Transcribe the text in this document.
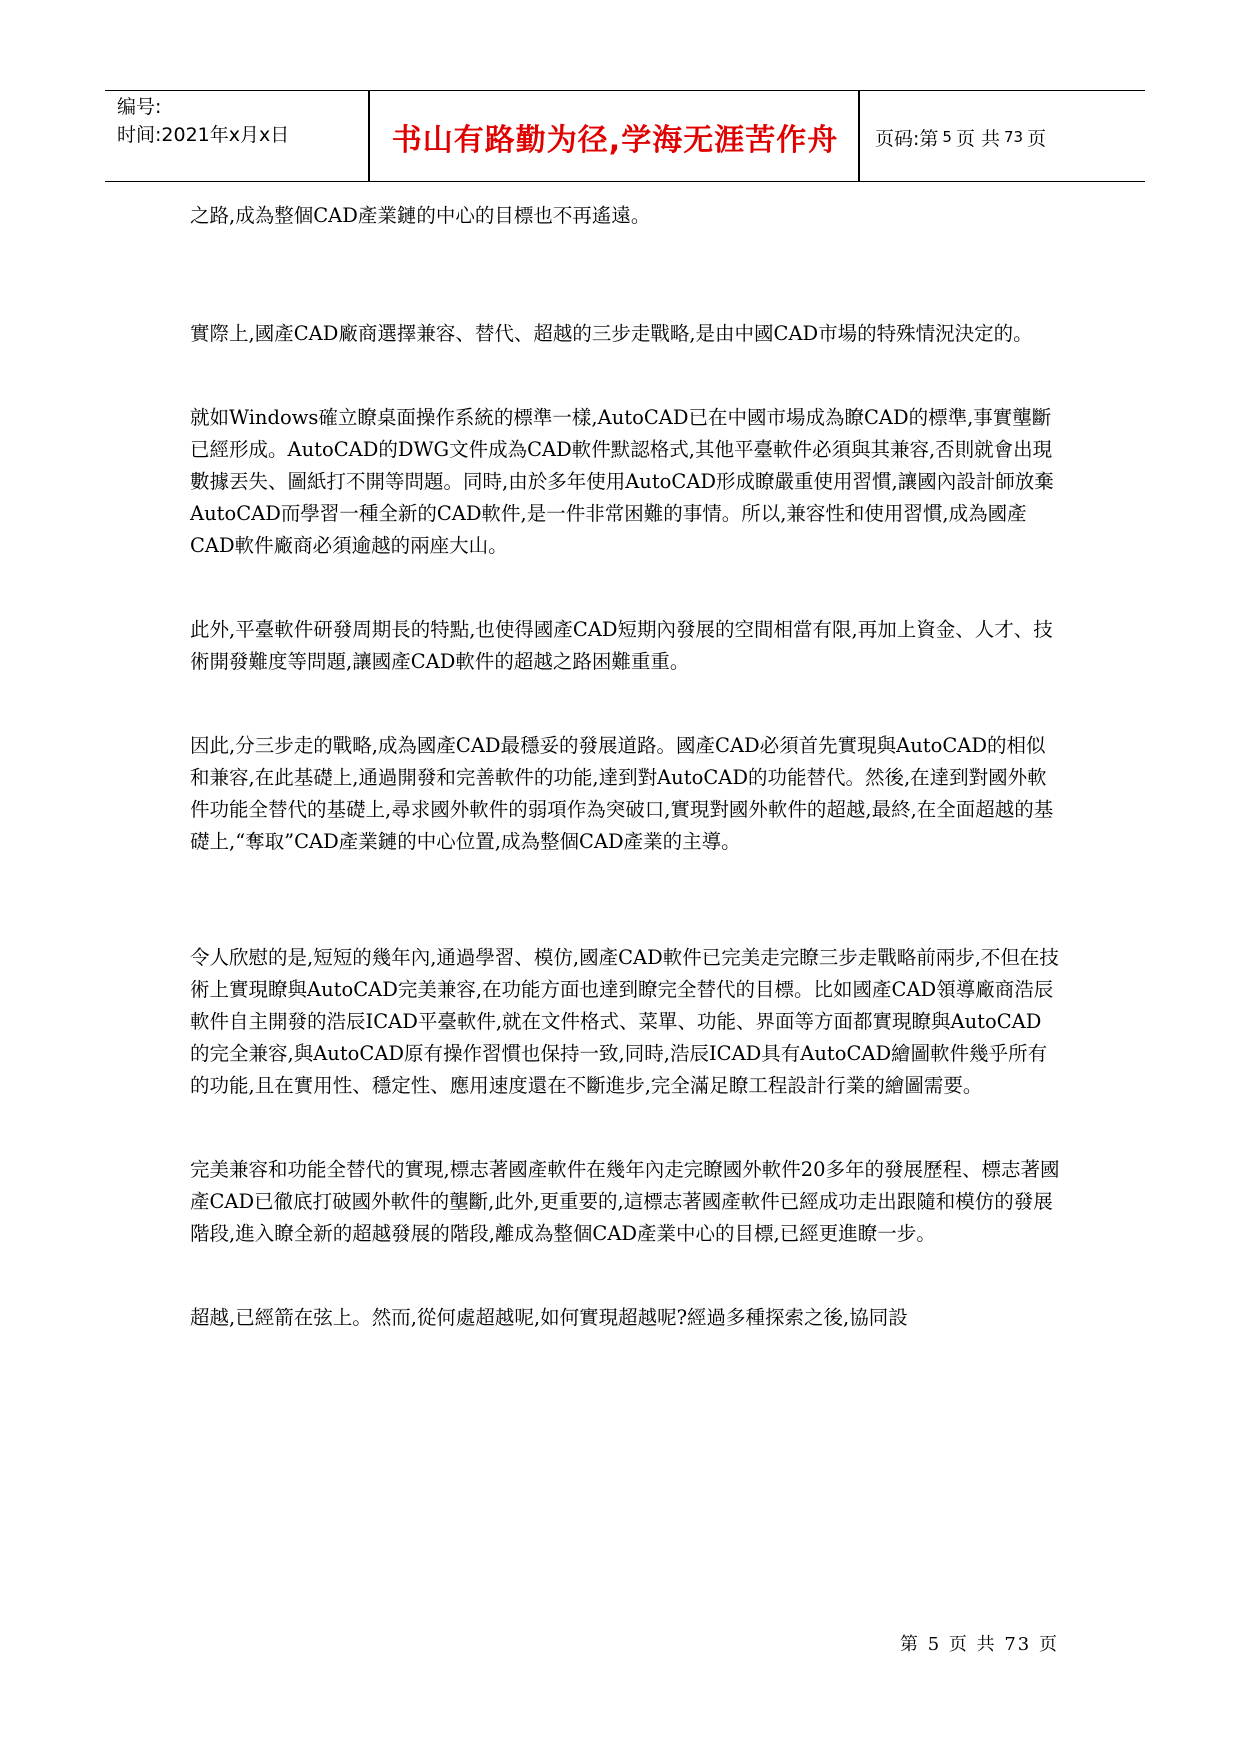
编号:
时间:2021年x月x日	书山有路勤为径,学海无涯苦作舟	页码:第 5 页 共 73 页

之路,成為整個CAD產業鏈的中心的目標也不再遙遠。

實際上,國產CAD廠商選擇兼容、替代、超越的三步走戰略,是由中國CAD市場的特殊情況決定的。

就如Windows確立瞭桌面操作系統的標準一樣,AutoCAD已在中國市場成為瞭CAD的標準,事實壟斷已經形成。AutoCAD的DWG文件成為CAD軟件默認格式,其他平臺軟件必須與其兼容,否則就會出現數據丟失、圖紙打不開等問題。同時,由於多年使用AutoCAD形成瞭嚴重使用習慣,讓國內設計師放棄AutoCAD而學習一種全新的CAD軟件,是一件非常困難的事情。所以,兼容性和使用習慣,成為國產CAD軟件廠商必須逾越的兩座大山。

此外,平臺軟件研發周期長的特點,也使得國產CAD短期內發展的空間相當有限,再加上資金、人才、技術開發難度等問題,讓國產CAD軟件的超越之路困難重重。

因此,分三步走的戰略,成為國產CAD最穩妥的發展道路。國產CAD必須首先實現與AutoCAD的相似和兼容,在此基礎上,通過開發和完善軟件的功能,達到對AutoCAD的功能替代。然後,在達到對國外軟件功能全替代的基礎上,尋求國外軟件的弱項作為突破口,實現對國外軟件的超越,最終,在全面超越的基礎上,“奪取”CAD產業鏈的中心位置,成為整個CAD產業的主導。

令人欣慰的是,短短的幾年內,通過學習、模仿,國產CAD軟件已完美走完瞭三步走戰略前兩步,不但在技術上實現瞭與AutoCAD完美兼容,在功能方面也達到瞭完全替代的目標。比如國產CAD領導廠商浩辰軟件自主開發的浩辰ICAD平臺軟件,就在文件格式、菜單、功能、界面等方面都實現瞭與AutoCAD的完全兼容,與AutoCAD原有操作習慣也保持一致,同時,浩辰ICAD具有AutoCAD繪圖軟件幾乎所有的功能,且在實用性、穩定性、應用速度還在不斷進步,完全滿足瞭工程設計行業的繪圖需要。

完美兼容和功能全替代的實現,標志著國產軟件在幾年內走完瞭國外軟件20多年的發展歷程、標志著國產CAD已徹底打破國外軟件的壟斷,此外,更重要的,這標志著國產軟件已經成功走出跟隨和模仿的發展階段,進入瞭全新的超越發展的階段,離成為整個CAD產業中心的目標,已經更進瞭一步。

超越,已經箭在弦上。然而,從何處超越呢,如何實現超越呢?經過多種探索之後,協同設

第 5 页 共 73 页
